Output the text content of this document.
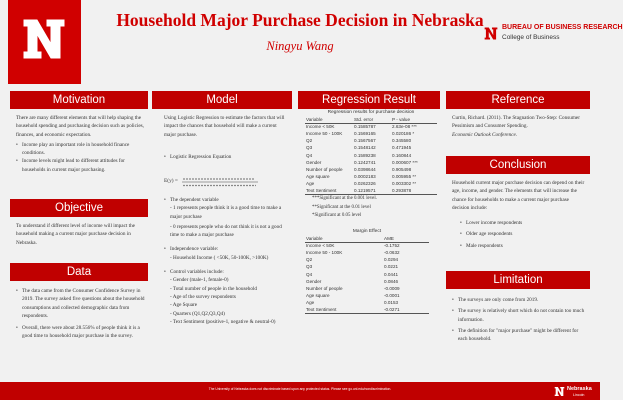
Household Major Purchase Decision in Nebraska
Ningyu Wang
BUREAU OF BUSINESS RESEARCH
College of Business
Motivation

There are many different elements that will help shaping the household spending and purchasing decision such as policies, finances, and economic expectation.

• Income play an important role in household finance conditions.
• Income levels might lead to different attitudes for households in current major purchasing.
Objective

To understand if different level of income will impact the household making a current major purchase decision in Nebraska.

Data
• The data came from the Consumer Confidence Survey in 2019. The survey asked five questions about the household consumptions and collected demographic data from respondents.
• Overall, there were about 28.556% of people think it is a good time to household major purchase in the survey.
Model

Using Logistic Regression to estimate the factors that will impact the chances that household will make a current major purchase.

• Logistic Regression Equation
E(y) =
• The dependent variable

- 1 represents people think it is a good time to make a major purchase

- 0 represents people who do not think it is not a good time to make a major purchase

• Independence variable:

- Household Income ( <50K, 50-100K, >100K)

• Control variables include:

- Gender (male-1, female-0)

- Total number of people in the household

- Age of the survey respondents

- Age Square

- Quarters (Q1,Q2,Q3,Q4)

- Text Sentiment (positive-1, negative & neutral-0)

Regression Result
Regression results for purchase decision
Variable	Std. error	P - value
Income < 50K	0.1585787	2.63e-08 ***
Income 50 - 100K	0.1569165	0.020186 *
Q2	0.1567567	0.345580
Q3	0.1548142	0.471945
Q4	0.1589238	0.160844
Gender	0.1242741	0.000607 ***
Number of people	0.0398644	0.905498
Age square	0.0002183	0.005955 **
Age	0.0262326	0.003302 **
Text Sentiment	0.1219571	0.293878
***Significant at the 0.001 level.
**Significant at the 0.01 level
*Significant at 0.05 level
Margin Effect
Variable	AME
Income < 50K	-0.1752
Income 50 - 100K	-0.0632
Q2	0.0294
Q3	0.0221
Q4	0.0441
Gender	0.0846
Number of people	-0.0009
Age square	-0.0001
Age	0.0153
Text Sentiment	-0.0271
Reference

Curtin, Richard. (2011). The Stagnation Two-Step: Consumer Pessimism and Consumer Spending.

Economic Outlook Conference.

Conclusion

Household current major purchase decision can depend on their age, income, and gender. The elements that will increase the chance for households to make a current major purchase decision include:

• Lower income respondents
• Older age respondents
• Male respondents
Limitation
• The surveys are only come from 2019.
• The survey is relatively short which do not contain too much information.
• The definition for "major purchase" might be different for each household.
The University of Nebraska does not discriminate based upon any protected status. Please see go.unl.edu/nondiscrimination.	Nebraska
Lincoln
